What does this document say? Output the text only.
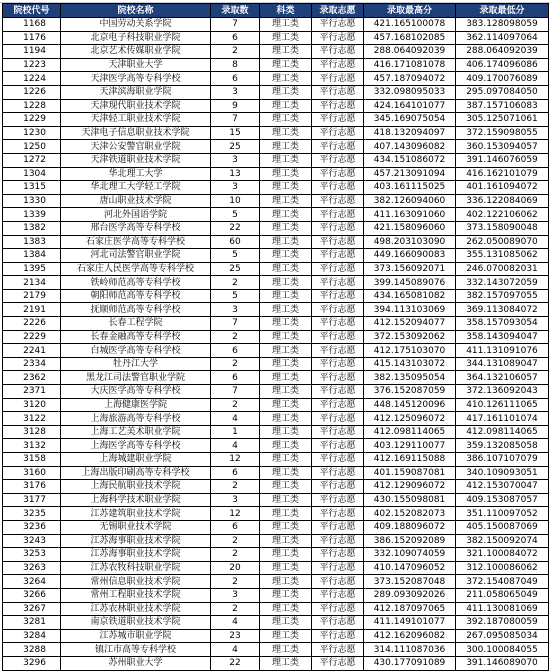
院校代号	院校名称	录取数	科类	录取志愿	录取最高分	录取最低分
1168	中国劳动关系学院	7	理工类	平行志愿	421.165100078	383.128098059
1176	北京电子科技职业学院	6	理工类	平行志愿	457.168102085	362.114097064
1194	北京艺术传媒职业学院	2	理工类	平行志愿	288.064092039	288.064092039
1223	天津职业大学	8	理工类	平行志愿	416.171081078	406.174096086
1224	天津医学高等专科学校	6	理工类	平行志愿	457.187094072	409.170076089
1226	天津滨海职业学院	3	理工类	平行志愿	332.098095033	295.097084050
1228	天津现代职业技术学院	9	理工类	平行志愿	424.164101077	387.157106083
1229	天津轻工职业技术学院	7	理工类	平行志愿	345.169075054	305.125071061
1230	天津电子信息职业技术学院	15	理工类	平行志愿	418.132094097	372.159098055
1250	天津公安警官职业学院	25	理工类	平行志愿	407.143096082	360.153094057
1272	天津铁道职业技术学院	3	理工类	平行志愿	434.151086072	391.146076059
1304	华北理工大学	13	理工类	平行志愿	457.213091094	416.162101079
1315	华北理工大学轻工学院	3	理工类	平行志愿	403.161115025	401.161094072
1330	唐山职业技术学院	10	理工类	平行志愿	382.126094060	336.122084069
1339	河北外国语学院	5	理工类	平行志愿	411.163091060	402.122106062
1382	邢台医学高等专科学校	22	理工类	平行志愿	421.158096060	373.158090048
1383	石家庄医学高等专科学校	60	理工类	平行志愿	498.203103090	262.050089070
1384	河北司法警官职业学院	5	理工类	平行志愿	449.166090083	355.131085062
1395	石家庄人民医学高等专科学校	25	理工类	平行志愿	373.156092071	246.070082031
2134	铁岭师范高等专科学校	2	理工类	平行志愿	399.145089076	332.143072059
2179	朝阳师范高等专科学校	5	理工类	平行志愿	434.165081082	382.157097055
2191	抚顺师范高等专科学校	3	理工类	平行志愿	394.113103069	369.113084072
2226	长春工程学院	7	理工类	平行志愿	412.152094077	358.157093054
2229	长春金融高等专科学校	2	理工类	平行志愿	372.153092062	358.143094047
2241	白城医学高等专科学校	6	理工类	平行志愿	412.175103070	411.131091076
2334	牡丹江大学	2	理工类	平行志愿	415.143103072	344.131089047
2362	黑龙江司法警官职业学院	6	理工类	平行志愿	382.135095054	364.132106057
2371	大庆医学高等专科学校	7	理工类	平行志愿	376.152087059	372.136092043
3120	上海健康医学院	2	理工类	平行志愿	448.145120096	410.126111065
3122	上海旅游高等专科学校	4	理工类	平行志愿	412.125096072	417.161101074
3128	上海工艺美术职业学院	1	理工类	平行志愿	412.098114065	412.098114065
3132	上海医学高等专科学校	4	理工类	平行志愿	403.129110077	359.132085058
3158	上海城建职业学院	12	理工类	平行志愿	412.169115088	386.107107079
3160	上海出版印刷高等专科学校	6	理工类	平行志愿	401.159087081	340.109093051
3176	上海民航职业技术学院	2	理工类	平行志愿	412.129096072	412.153070047
3177	上海科学技术职业学院	3	理工类	平行志愿	430.155098081	409.153087057
3235	江苏建筑职业技术学院	12	理工类	平行志愿	402.152082073	351.110097052
3236	无锡职业技术学院	6	理工类	平行志愿	409.188096072	405.150087069
3243	江苏海事职业技术学院	2	理工类	平行志愿	386.152092089	382.150092074
3253	江苏海事职业技术学院	2	理工类	平行志愿	332.109074059	321.100084072
3263	江苏农牧科技职业学院	20	理工类	平行志愿	410.147096052	312.100086062
3264	常州信息职业技术学院	2	理工类	平行志愿	373.152087048	372.154087049
3266	常州工程职业技术学院	3	理工类	平行志愿	289.093092026	211.058065049
3267	江苏农林职业技术学院	2	理工类	平行志愿	412.187097065	411.130081069
3281	南京铁道职业技术学院	4	理工类	平行志愿	411.149101077	392.187080059
3284	江苏城市职业学院	23	理工类	平行志愿	412.162096082	267.095085034
3288	镇江市高等专科学校	4	理工类	平行志愿	314.111087036	300.100084055
3296	苏州职业大学	22	理工类	平行志愿	430.177091089	391.146089070
